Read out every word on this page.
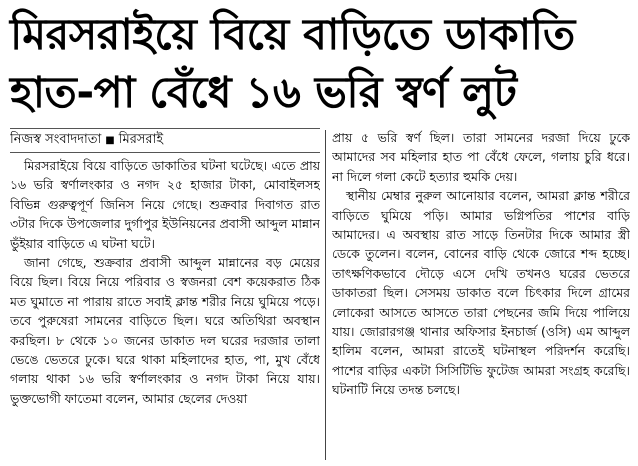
মিরসরাইয়ে বিয়ে বাড়িতে ডাকাতি
হাত-পা বেঁধে ১৬ ভরি স্বর্ণ লুট
নিজস্ব সংবাদদাতা ■ মিরসরাই

মিরসরাইয়ে বিয়ে বাড়িতে ডাকাতির ঘটনা ঘটেছে। এতে প্রায় ১৬ ভরি স্বর্ণালংকার ও নগদ ২৫ হাজার টাকা, মোবাইলসহ বিভিন্ন গুরুত্বপূর্ণ জিনিস নিয়ে গেছে। শুক্রবার দিবাগত রাত ৩টার দিকে উপজেলার দুর্গাপুর ইউনিয়নের প্রবাসী আব্দুল মান্নান ভুঁইয়ার বাড়িতে এ ঘটনা ঘটে।

জানা গেছে, শুক্রবার প্রবাসী আব্দুল মান্নানের বড় মেয়ের বিয়ে ছিল। বিয়ে নিয়ে পরিবার ও স্বজনরা বেশ কয়েকরাত ঠিক মত ঘুমাতে না পারায় রাতে সবাই ক্লান্ত শরীর নিয়ে ঘুমিয়ে পড়ে। তবে পুরুষেরা সামনের বাড়িতে ছিল। ঘরে অতিথিরা অবস্থান করছিল। ৮ থেকে ১০ জনের ডাকাত দল ঘরের দরজার তালা ভেঙে ভেতরে ঢুকে। ঘরে থাকা মহিলাদের হাত, পা, মুখ বেঁধে গলায় থাকা ১৬ ভরি স্বর্ণালংকার ও নগদ টাকা নিয়ে যায়। ভুক্তভোগী ফাতেমা বলেন, আমার ছেলের দেওয়া

প্রায় ৫ ভরি স্বর্ণ ছিল। তারা সামনের দরজা দিয়ে ঢুকে আমাদের সব মহিলার হাত পা বেঁধে ফেলে, গলায় চুরি ধরে। না দিলে গলা কেটে হত্যার হুমকি দেয়।

স্থানীয় মেম্বার নুরুল আনোয়ার বলেন, আমরা ক্লান্ত শরীরে বাড়িতে ঘুমিয়ে পড়ি। আমার ভগ্নিপতির পাশের বাড়ি আমাদের। এ অবস্থায় রাত সাড়ে তিনটার দিকে আমার স্ত্রী ডেকে তুলেন। বলেন, বোনের বাড়ি থেকে জোরে শব্দ হচ্ছে। তাৎক্ষণিকভাবে দৌড়ে এসে দেখি তখনও ঘরের ভেতরে ডাকাতরা ছিল। সেসময় ডাকাত বলে চিৎকার দিলে গ্রামের লোকেরা আসতে আসতে তারা পেছনের জমি দিয়ে পালিয়ে যায়। জোরারগঞ্জ থানার অফিসার ইনচার্জ (ওসি) এম আব্দুল হালিম বলেন, আমরা রাতেই ঘটনাস্থল পরিদর্শন করেছি। পাশের বাড়ির একটা সিসিটিভি ফুটেজ আমরা সংগ্রহ করেছি। ঘটনাটি নিয়ে তদন্ত চলছে।
